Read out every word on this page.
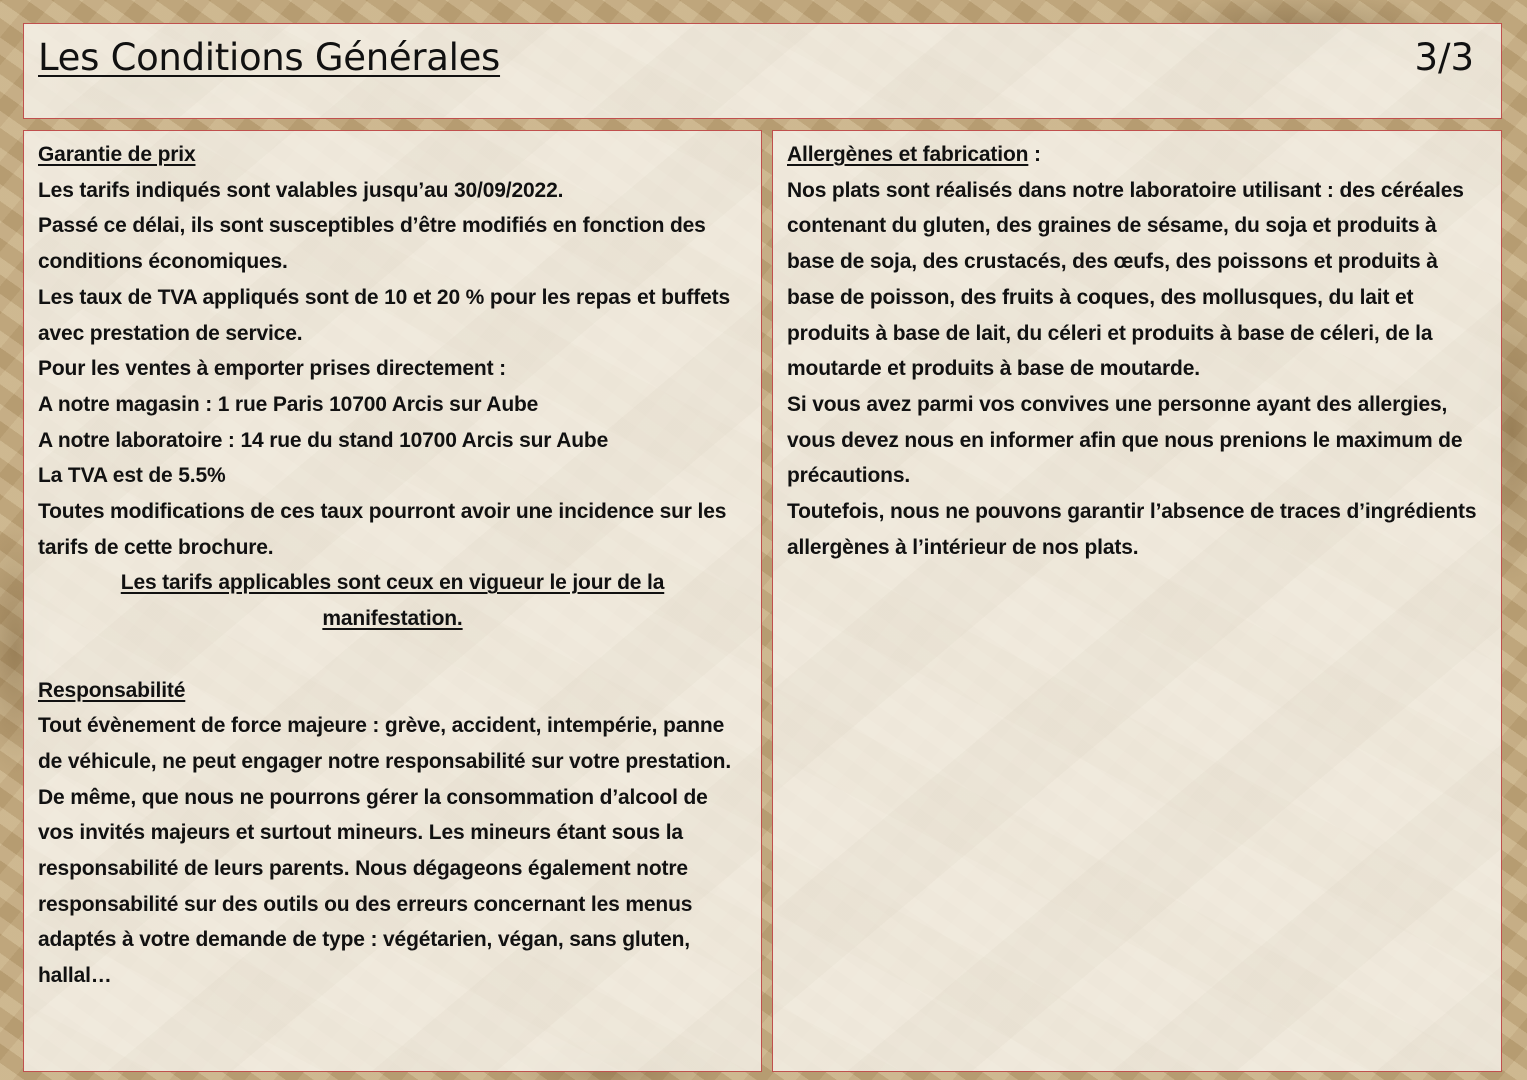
Les Conditions Générales	3/3

Garantie de prix

Les tarifs indiqués sont valables jusqu’au 30/09/2022.

Passé ce délai, ils sont susceptibles d’être modifiés en fonction des conditions économiques.

Les taux de TVA appliqués sont de 10 et 20 % pour les repas et buffets avec prestation de service.

Pour les ventes à emporter prises directement :

A notre magasin : 1 rue Paris 10700 Arcis sur Aube

A notre laboratoire : 14 rue du stand 10700 Arcis sur Aube

La TVA est de 5.5%

Toutes modifications de ces taux pourront avoir une incidence sur les tarifs de cette brochure.

Les tarifs applicables sont ceux en vigueur le jour de la manifestation.

Responsabilité

Tout évènement de force majeure : grève, accident, intempérie, panne de véhicule, ne peut engager notre responsabilité sur votre prestation. De même, que nous ne pourrons gérer la consommation d’alcool de vos invités majeurs et surtout mineurs. Les mineurs étant sous la responsabilité de leurs parents. Nous dégageons également notre responsabilité sur des outils ou des erreurs concernant les menus adaptés à votre demande de type : végétarien, végan, sans gluten, hallal…

Allergènes et fabrication :

Nos plats sont réalisés dans notre laboratoire utilisant : des céréales contenant du gluten, des graines de sésame, du soja et produits à base de soja, des crustacés, des œufs, des poissons et produits à base de poisson, des fruits à coques, des mollusques, du lait et produits à base de lait, du céleri et produits à base de céleri, de la moutarde et produits à base de moutarde.

Si vous avez parmi vos convives une personne ayant des allergies, vous devez nous en informer afin que nous prenions le maximum de précautions.

Toutefois, nous ne pouvons garantir l’absence de traces d’ingrédients allergènes à l’intérieur de nos plats.
